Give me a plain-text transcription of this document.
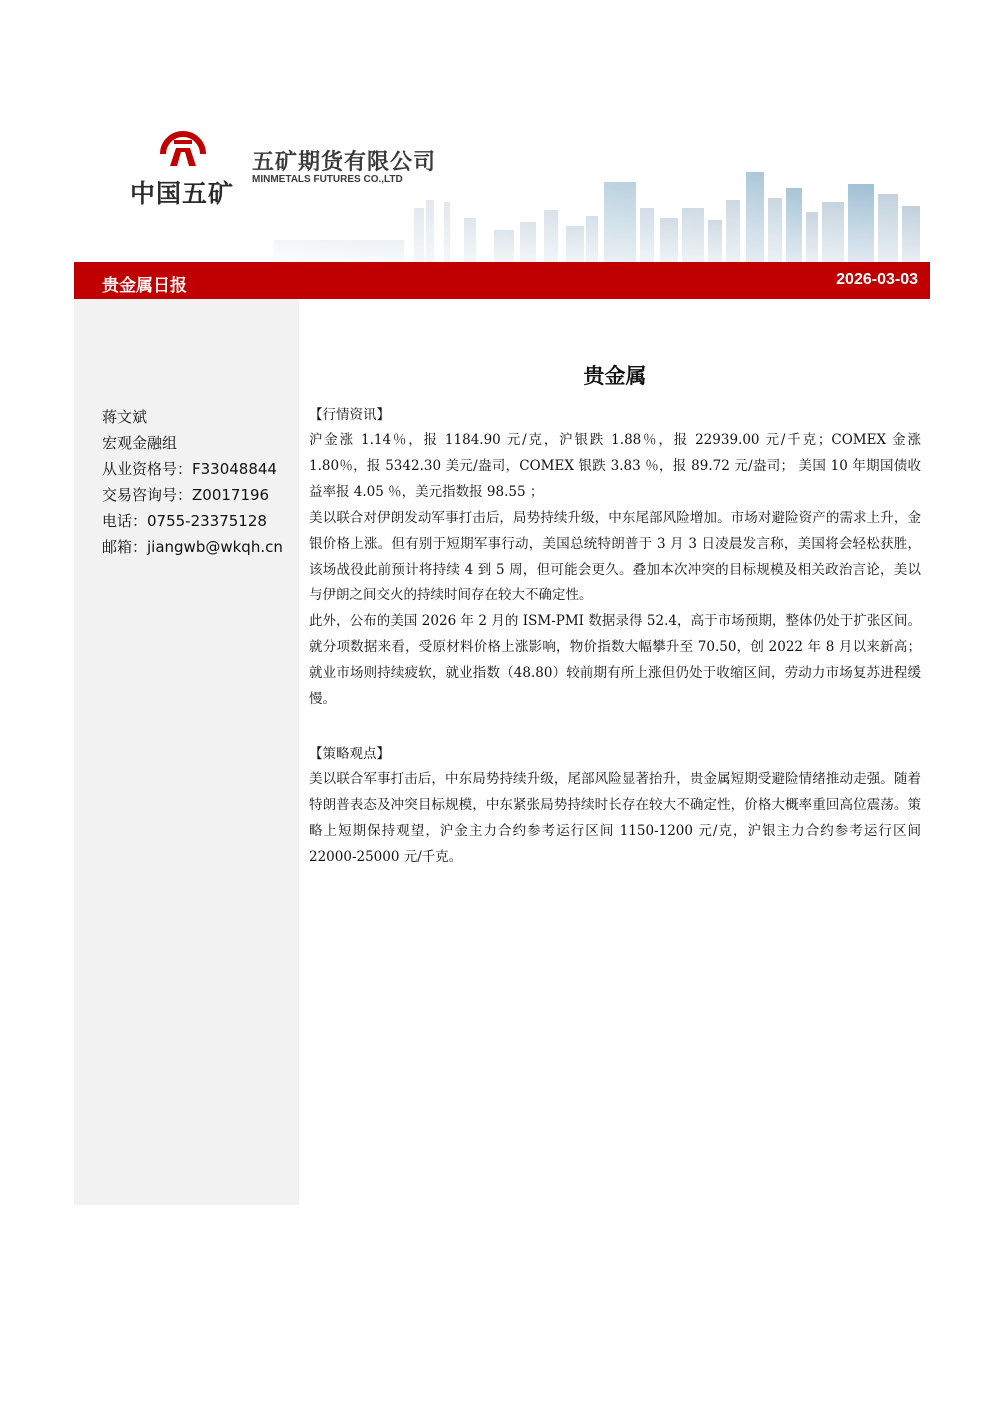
中国五矿
五矿期货有限公司
MINMETALS FUTURES CO.,LTD
贵金属日报	2026-03-03
蒋文斌
宏观金融组
从业资格号：F33048844
交易咨询号：Z0017196
电话：0755-23375128
邮箱：jiangwb@wkqh.cn
贵金属
【行情资讯】
沪金涨 1.14％，报 1184.90 元/克，沪银跌 1.88％，报 22939.00 元/千克；COMEX 金涨 1.80％，报 5342.30 美元/盎司，COMEX 银跌 3.83 ％，报 89.72 元/盎司； 美国 10 年期国债收益率报 4.05 ％，美元指数报 98.55 ；
美以联合对伊朗发动军事打击后，局势持续升级，中东尾部风险增加。市场对避险资产的需求上升，金银价格上涨。但有别于短期军事行动，美国总统特朗普于 3 月 3 日凌晨发言称，美国将会轻松获胜，该场战役此前预计将持续 4 到 5 周，但可能会更久。叠加本次冲突的目标规模及相关政治言论，美以与伊朗之间交火的持续时间存在较大不确定性。
此外，公布的美国 2026 年 2 月的 ISM-PMI 数据录得 52.4，高于市场预期，整体仍处于扩张区间。就分项数据来看，受原材料价格上涨影响，物价指数大幅攀升至 70.50，创 2022 年 8 月以来新高；就业市场则持续疲软，就业指数（48.80）较前期有所上涨但仍处于收缩区间，劳动力市场复苏进程缓慢。
【策略观点】
美以联合军事打击后，中东局势持续升级，尾部风险显著抬升，贵金属短期受避险情绪推动走强。随着特朗普表态及冲突目标规模，中东紧张局势持续时长存在较大不确定性，价格大概率重回高位震荡。策略上短期保持观望，沪金主力合约参考运行区间 1150-1200 元/克，沪银主力合约参考运行区间 22000-25000 元/千克。
